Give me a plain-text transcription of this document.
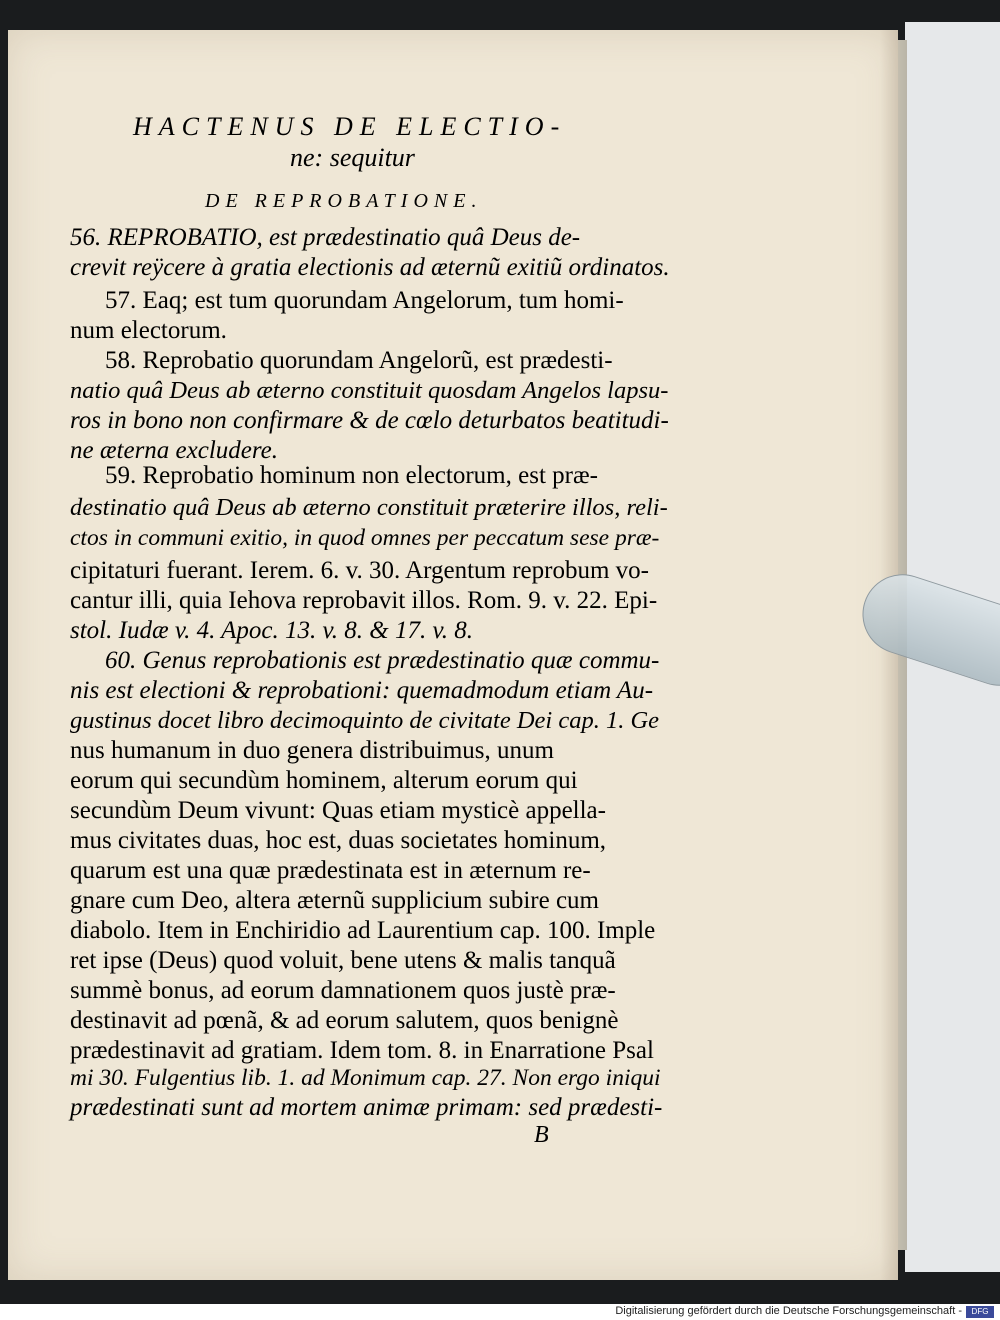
HACTENUS DE ELECTIO-
ne: sequitur
DE REPROBATIONE.
56. REPROBATIO, est prædestinatio quâ Deus de-
crevit reÿcere à gratia electionis ad æternũ exitiũ ordinatos.
57. Eaq; est tum quorundam Angelorum, tum homi-
num electorum.
58. Reprobatio quorundam Angelorũ, est prædesti-
natio quâ Deus ab æterno constituit quosdam Angelos lapsu-
ros in bono non confirmare & de cœlo deturbatos beatitudi-
ne æterna excludere.
59. Reprobatio hominum non electorum, est præ-
destinatio quâ Deus ab æterno constituit præterire illos, reli-
ctos in communi exitio, in quod omnes per peccatum sese præ-
cipitaturi fuerant. Ierem. 6. v. 30. Argentum reprobum vo-
cantur illi, quia Iehova reprobavit illos. Rom. 9. v. 22. Epi-
stol. Iudæ v. 4. Apoc. 13. v. 8. & 17. v. 8.
60. Genus reprobationis est prædestinatio quæ commu-
nis est electioni & reprobationi: quemadmodum etiam Au-
gustinus docet libro decimoquinto de civitate Dei cap. 1. Ge
nus humanum in duo genera distribuimus, unum
eorum qui secundùm hominem, alterum eorum qui
secundùm Deum vivunt: Quas etiam mysticè appella-
mus civitates duas, hoc est, duas societates hominum,
quarum est una quæ prædestinata est in æternum re-
gnare cum Deo, altera æternũ supplicium subire cum
diabolo. Item in Enchiridio ad Laurentium cap. 100. Imple
ret ipse (Deus) quod voluit, bene utens & malis tanquã
summè bonus, ad eorum damnationem quos justè præ-
destinavit ad pœnã, & ad eorum salutem, quos benignè
prædestinavit ad gratiam. Idem tom. 8. in Enarratione Psal
mi 30. Fulgentius lib. 1. ad Monimum cap. 27. Non ergo iniqui
prædestinati sunt ad mortem animæ primam: sed prædesti-
B
Digitalisierung gefördert durch die Deutsche Forschungsgemeinschaft -	DFG
